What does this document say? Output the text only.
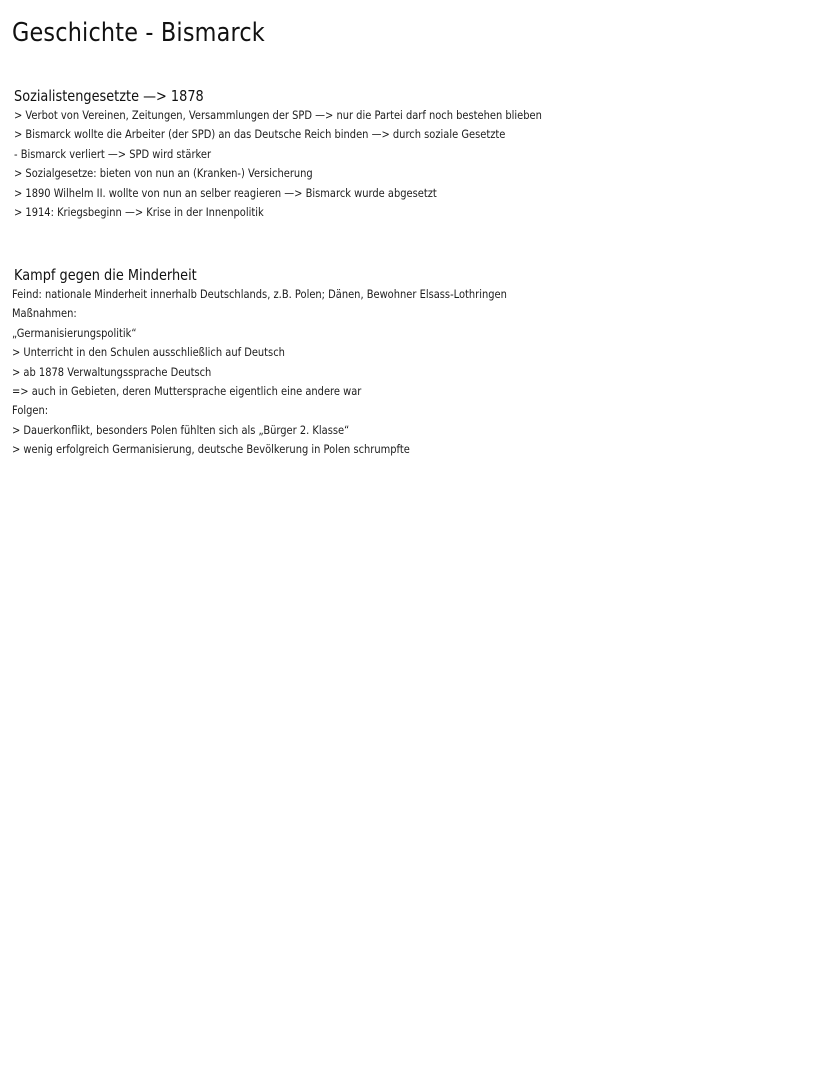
Geschichte - Bismarck
Sozialistengesetzte —> 1878
> Verbot von Vereinen, Zeitungen, Versammlungen der SPD —> nur die Partei darf noch bestehen blieben
> Bismarck wollte die Arbeiter (der SPD) an das Deutsche Reich binden —> durch soziale Gesetzte
- Bismarck verliert —> SPD wird stärker
> Sozialgesetze: bieten von nun an (Kranken-) Versicherung
> 1890 Wilhelm II. wollte von nun an selber reagieren —> Bismarck wurde abgesetzt
> 1914: Kriegsbeginn —> Krise in der Innenpolitik
Kampf gegen die Minderheit
Feind: nationale Minderheit innerhalb Deutschlands, z.B. Polen; Dänen, Bewohner Elsass-Lothringen
Maßnahmen:
„Germanisierungspolitik“
> Unterricht in den Schulen ausschließlich auf Deutsch
> ab 1878 Verwaltungssprache Deutsch
=> auch in Gebieten, deren Muttersprache eigentlich eine andere war
Folgen:
> Dauerkonflikt, besonders Polen fühlten sich als „Bürger 2. Klasse“
> wenig erfolgreich Germanisierung, deutsche Bevölkerung in Polen schrumpfte
